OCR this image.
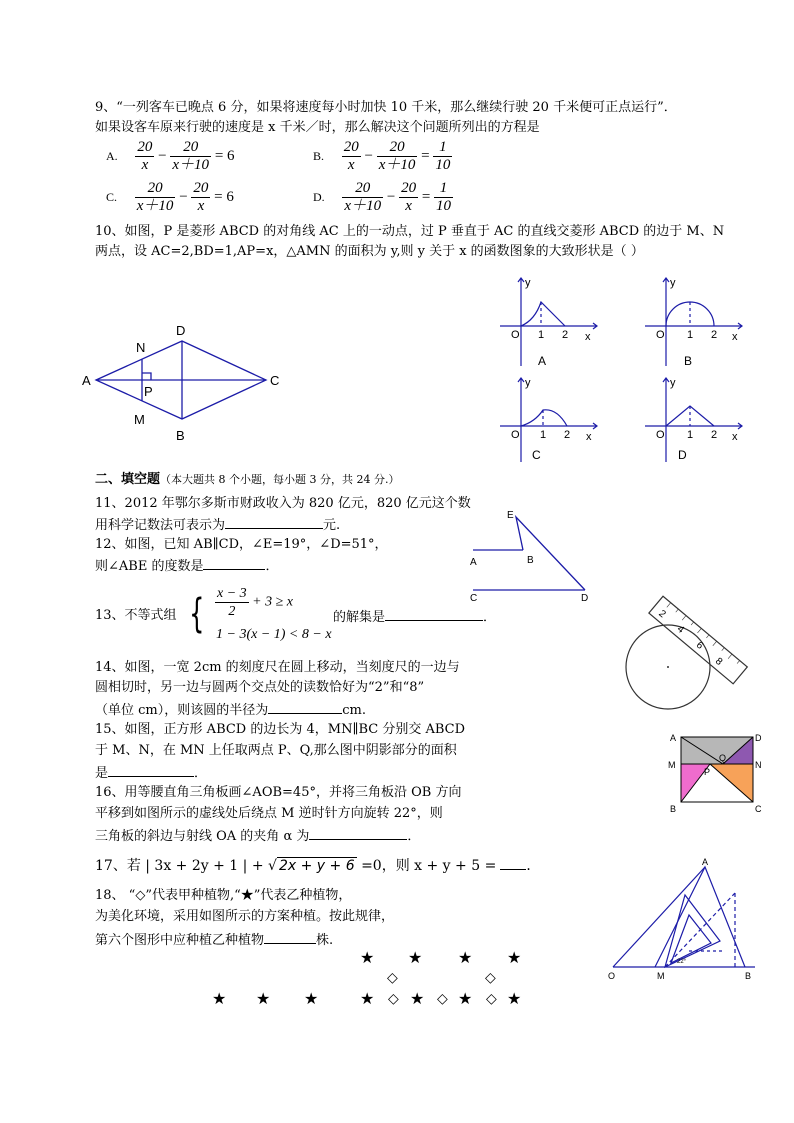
9、“一列客车已晚点 6 分，如果将速度每小时加快 10 千米，那么继续行驶 20 千米便可正点运行”．
如果设客车原来行驶的速度是 x 千米／时，那么解决这个问题所列出的方程是
A. $\frac{20}{x} - \frac{20}{x+10} = 6$	B. $\frac{20}{x} - \frac{20}{x+10} = \frac{1}{10}$
C. $\frac{20}{x+10} - \frac{20}{x} = 6$	D. $\frac{20}{x+10} - \frac{20}{x} = \frac{1}{10}$
10、如图，P 是菱形 ABCD 的对角线 AC 上的一动点，过 P 垂直于 AC 的直线交菱形 ABCD 的边于 M、N
两点，设 AC=2,BD=1,AP=x，△AMN 的面积为 y,则 y 关于 x 的函数图象的大致形状是（ ）
A
D
C
B
N
M
P
y
O 1 2 x
A
y
O 1 2 x
B
y
O 1 2 x
C
y
O 1 2 x
D
二、填空题（本大题共 8 个小题，每小题 3 分，共 24 分.）
11、2012 年鄂尔多斯市财政收入为 820 亿元，820 亿元这个数
用科学记数法可表示为	元.
12、如图，已知 AB∥CD，∠E=19°，∠D=51°，
则∠ABE 的度数是	．
E
A	B
C	D
13、不等式组 { $\frac{x - 3}{2} + 3 \ge x$
1 − 3(x − 1) < 8 − x
的解集是	．
14、如图，一宽 2cm 的刻度尺在圆上移动，当刻度尺的一边与
圆相切时，另一边与圆两个交点处的读数恰好为“2”和“8”
（单位 cm），则该圆的半径为	cm.
2
4
6
8
15、如图，正方形 ABCD 的边长为 4，MN∥BC 分别交 ABCD
于 M、N，在 MN 上任取两点 P、Q,那么图中阴影部分的面积
是	．
A	D
M	N
B	C
P
Q
16、用等腰直角三角板画∠AOB=45°，并将三角板沿 OB 方向
平移到如图所示的虚线处后绕点 M 逆时针方向旋转 22°，则
三角板的斜边与射线 OA 的夹角 α 为	．
A
O	M	B
22°
17、若 | 3x + 2y + 1 | + √ 2x + y + 6 =0，则 x + y + 5 = ．
18、 “◇”代表甲种植物,“★”代表乙种植物，
为美化环境，采用如图所示的方案种植。按此规律，
第六个图形中应种植乙种植物	株.
★ ★ ★ ★
◇	◇
★ ★ ★	★ ◇ ★ ◇ ★ ◇ ★
